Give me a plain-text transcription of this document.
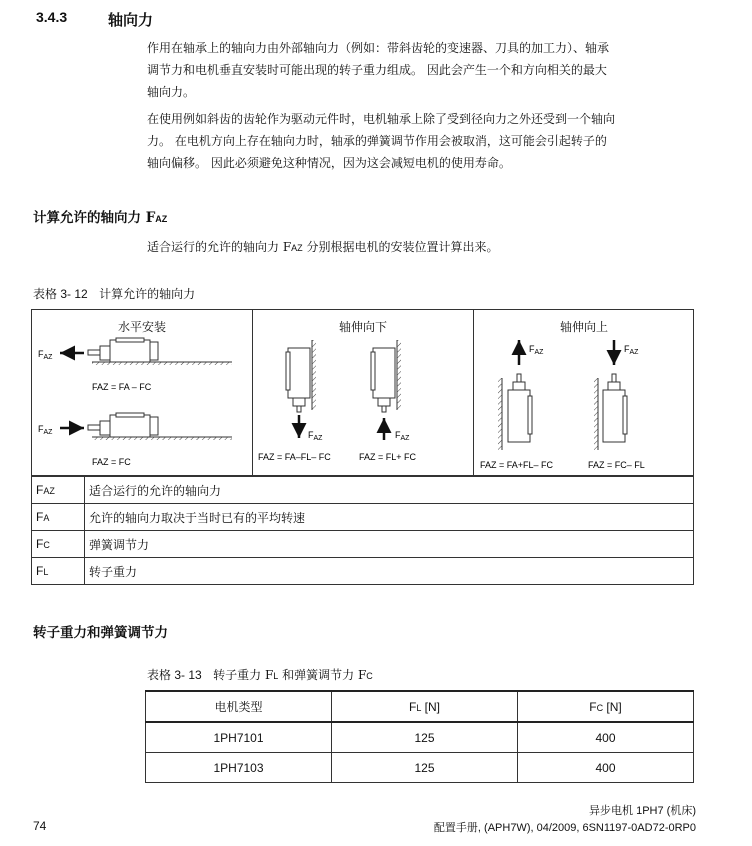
3.4.3	轴向力
作用在轴承上的轴向力由外部轴向力（例如：带斜齿轮的变速器、刀具的加工力）、轴承
调节力和电机垂直安装时可能出现的转子重力组成。 因此会产生一个和方向相关的最大
轴向力。
在使用例如斜齿的齿轮作为驱动元件时，电机轴承上除了受到径向力之外还受到一个轴向
力。 在电机方向上存在轴向力时，轴承的弹簧调节作用会被取消，这可能会引起转子的
轴向偏移。 因此必须避免这种情况，因为这会减短电机的使用寿命。
计算允许的轴向力 FAZ
适合运行的允许的轴向力 FAZ 分别根据电机的安装位置计算出来。
表格 3- 12 计算允许的轴向力
水平安装	轴伸向下	轴伸向上
$F_{AZ}$
FAZ = FA – FC
$F_{AZ}$
FAZ = FC
$F_{AZ}$
FAZ = FA–FL– FC
$F_{AZ}$
FAZ = FL+ FC
$F_{AZ}$
FAZ = FA+FL– FC
$F_{AZ}$
FAZ = FC– FL
FAZ	适合运行的允许的轴向力
FA	允许的轴向力取决于当时已有的平均转速
FC	弹簧调节力
FL	转子重力
转子重力和弹簧调节力
表格 3- 13 转子重力 FL 和弹簧调节力 FC
电机类型	FL [N]	FC [N]
1PH7101	125	400
1PH7103	125	400
74
异步电机 1PH7 (机床)
配置手册, (APH7W), 04/2009, 6SN1197-0AD72-0RP0
